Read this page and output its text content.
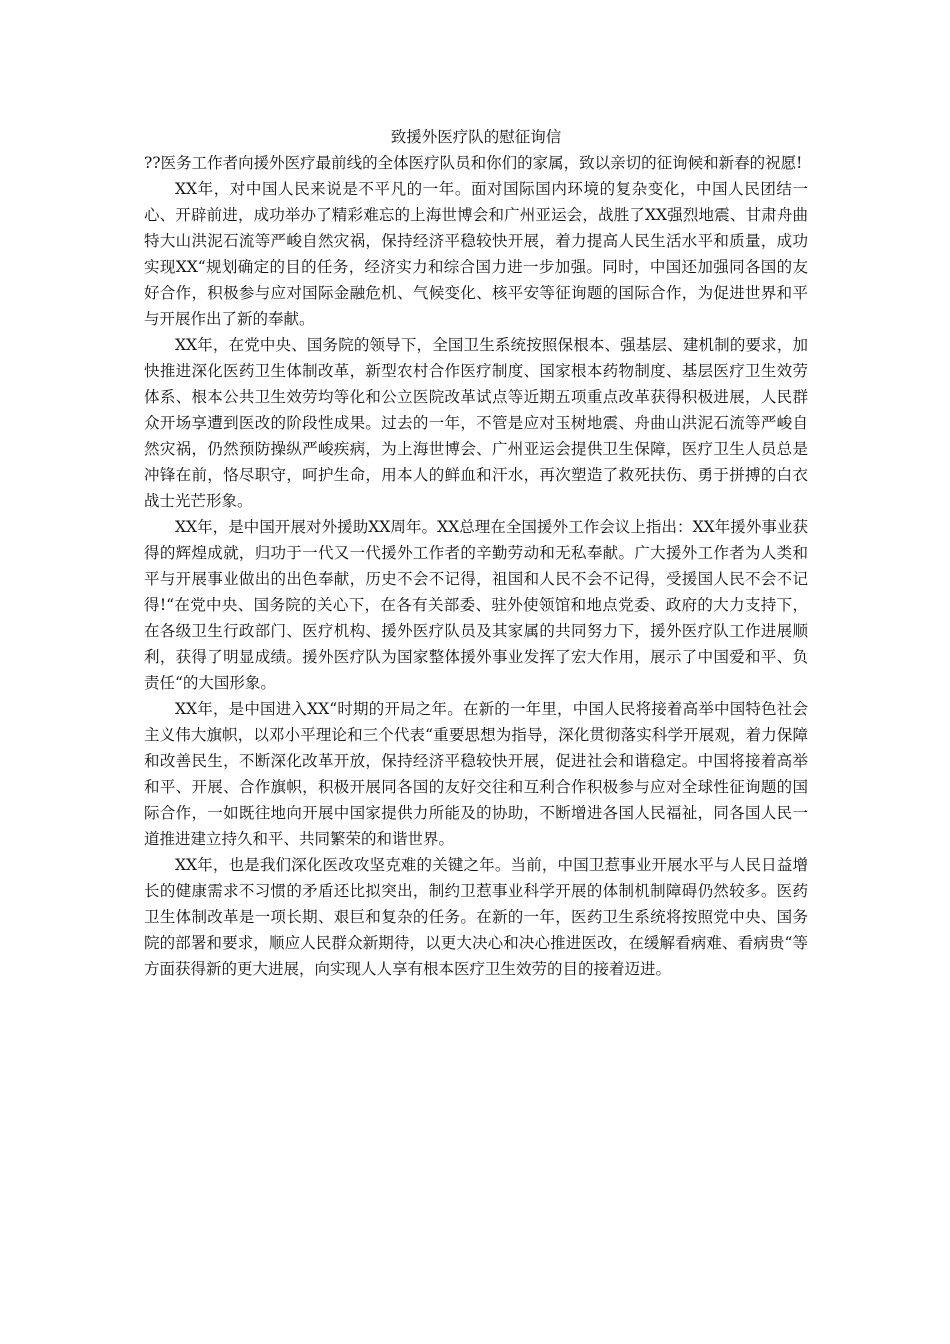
致援外医疗队的慰征询信

??医务工作者向援外医疗最前线的全体医疗队员和你们的家属，致以亲切的征询候和新春的祝愿!

XX年，对中国人民来说是不平凡的一年。面对国际国内环境的复杂变化，中国人民团结一心、开辟前进，成功举办了精彩难忘的上海世博会和广州亚运会，战胜了XX强烈地震、甘肃舟曲特大山洪泥石流等严峻自然灾祸，保持经济平稳较快开展，着力提高人民生活水平和质量，成功实现XX“规划确定的目的任务，经济实力和综合国力进一步加强。同时，中国还加强同各国的友好合作，积极参与应对国际金融危机、气候变化、核平安等征询题的国际合作，为促进世界和平与开展作出了新的奉献。

XX年，在党中央、国务院的领导下，全国卫生系统按照保根本、强基层、建机制的要求，加快推进深化医药卫生体制改革，新型农村合作医疗制度、国家根本药物制度、基层医疗卫生效劳体系、根本公共卫生效劳均等化和公立医院改革试点等近期五项重点改革获得积极进展，人民群众开场享遭到医改的阶段性成果。过去的一年，不管是应对玉树地震、舟曲山洪泥石流等严峻自然灾祸，仍然预防操纵严峻疾病，为上海世博会、广州亚运会提供卫生保障，医疗卫生人员总是冲锋在前，恪尽职守，呵护生命，用本人的鲜血和汗水，再次塑造了救死扶伤、勇于拼搏的白衣战士光芒形象。

XX年，是中国开展对外援助XX周年。XX总理在全国援外工作会议上指出：XX年援外事业获得的辉煌成就，归功于一代又一代援外工作者的辛勤劳动和无私奉献。广大援外工作者为人类和平与开展事业做出的出色奉献，历史不会不记得，祖国和人民不会不记得，受援国人民不会不记得!“在党中央、国务院的关心下，在各有关部委、驻外使领馆和地点党委、政府的大力支持下，在各级卫生行政部门、医疗机构、援外医疗队员及其家属的共同努力下，援外医疗队工作进展顺利，获得了明显成绩。援外医疗队为国家整体援外事业发挥了宏大作用，展示了中国爱和平、负责任“的大国形象。

XX年，是中国进入XX“时期的开局之年。在新的一年里，中国人民将接着高举中国特色社会主义伟大旗帜，以邓小平理论和三个代表“重要思想为指导，深化贯彻落实科学开展观，着力保障和改善民生，不断深化改革开放，保持经济平稳较快开展，促进社会和谐稳定。中国将接着高举和平、开展、合作旗帜，积极开展同各国的友好交往和互利合作积极参与应对全球性征询题的国际合作，一如既往地向开展中国家提供力所能及的协助，不断增进各国人民福祉，同各国人民一道推进建立持久和平、共同繁荣的和谐世界。

XX年，也是我们深化医改攻坚克难的关键之年。当前，中国卫惹事业开展水平与人民日益增长的健康需求不习惯的矛盾还比拟突出，制约卫惹事业科学开展的体制机制障碍仍然较多。医药卫生体制改革是一项长期、艰巨和复杂的任务。在新的一年，医药卫生系统将按照党中央、国务院的部署和要求，顺应人民群众新期待，以更大决心和决心推进医改，在缓解看病难、看病贵“等方面获得新的更大进展，向实现人人享有根本医疗卫生效劳的目的接着迈进。
